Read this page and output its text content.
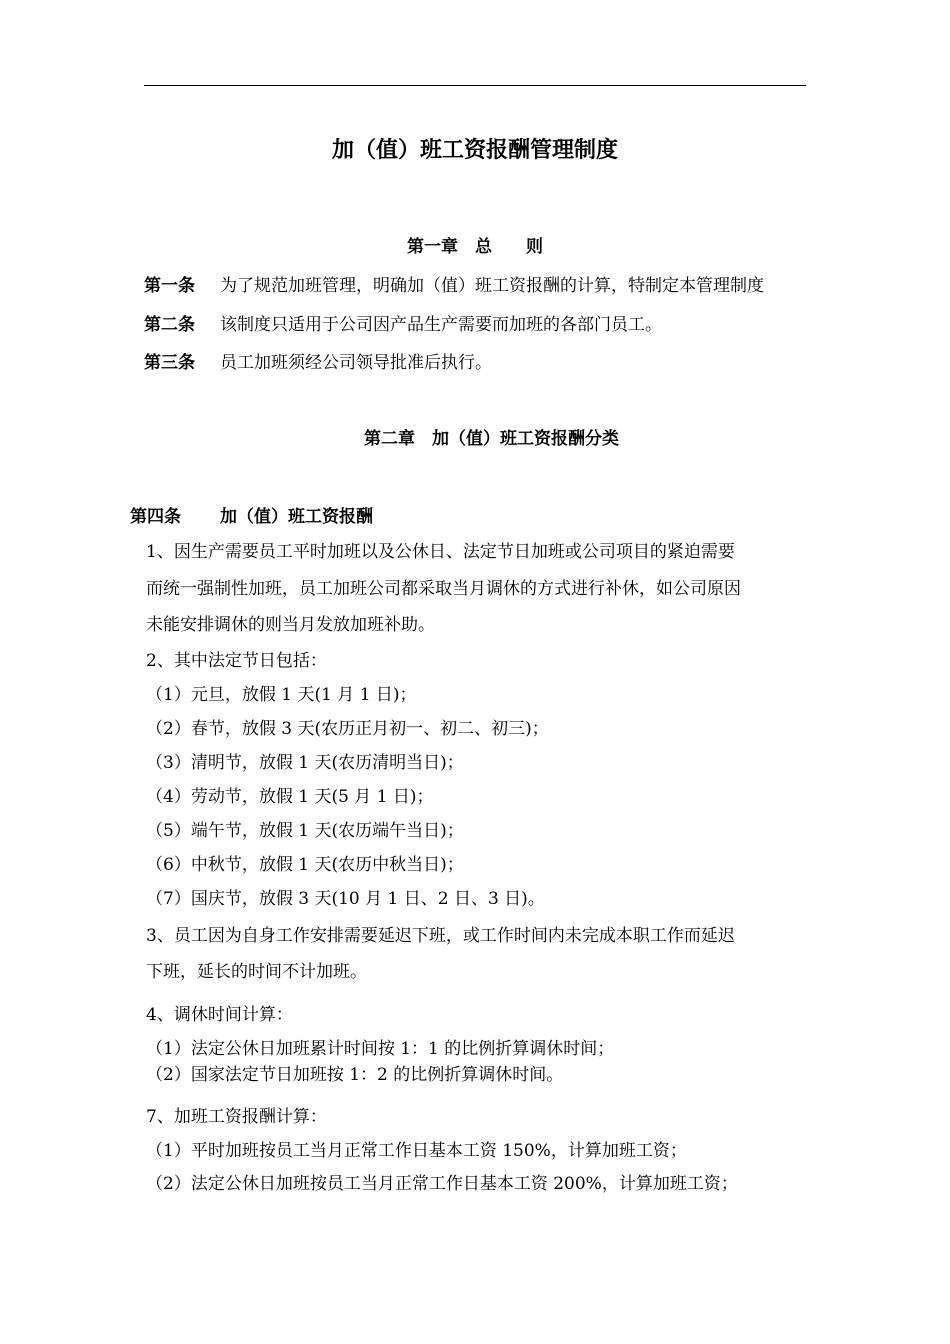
加（值）班工资报酬管理制度
第一章　总　　则
第一条 为了规范加班管理，明确加（值）班工资报酬的计算，特制定本管理制度
第二条 该制度只适用于公司因产品生产需要而加班的各部门员工。
第三条 员工加班须经公司领导批准后执行。
第二章　加（值）班工资报酬分类
第四条 加（值）班工资报酬
1、因生产需要员工平时加班以及公休日、法定节日加班或公司项目的紧迫需要
而统一强制性加班，员工加班公司都采取当月调休的方式进行补休，如公司原因
未能安排调休的则当月发放加班补助。
2、其中法定节日包括：
（1）元旦，放假 1 天(1 月 1 日)；
（2）春节，放假 3 天(农历正月初一、初二、初三)；
（3）清明节，放假 1 天(农历清明当日)；
（4）劳动节，放假 1 天(5 月 1 日)；
（5）端午节，放假 1 天(农历端午当日)；
（6）中秋节，放假 1 天(农历中秋当日)；
（7）国庆节，放假 3 天(10 月 1 日、2 日、3 日)。
3、员工因为自身工作安排需要延迟下班，或工作时间内未完成本职工作而延迟
下班，延长的时间不计加班。
4、调休时间计算：
（1）法定公休日加班累计时间按 1：1 的比例折算调休时间；
（2）国家法定节日加班按 1：2 的比例折算调休时间。
7、加班工资报酬计算：
（1）平时加班按员工当月正常工作日基本工资 150%，计算加班工资；
（2）法定公休日加班按员工当月正常工作日基本工资 200%，计算加班工资；
